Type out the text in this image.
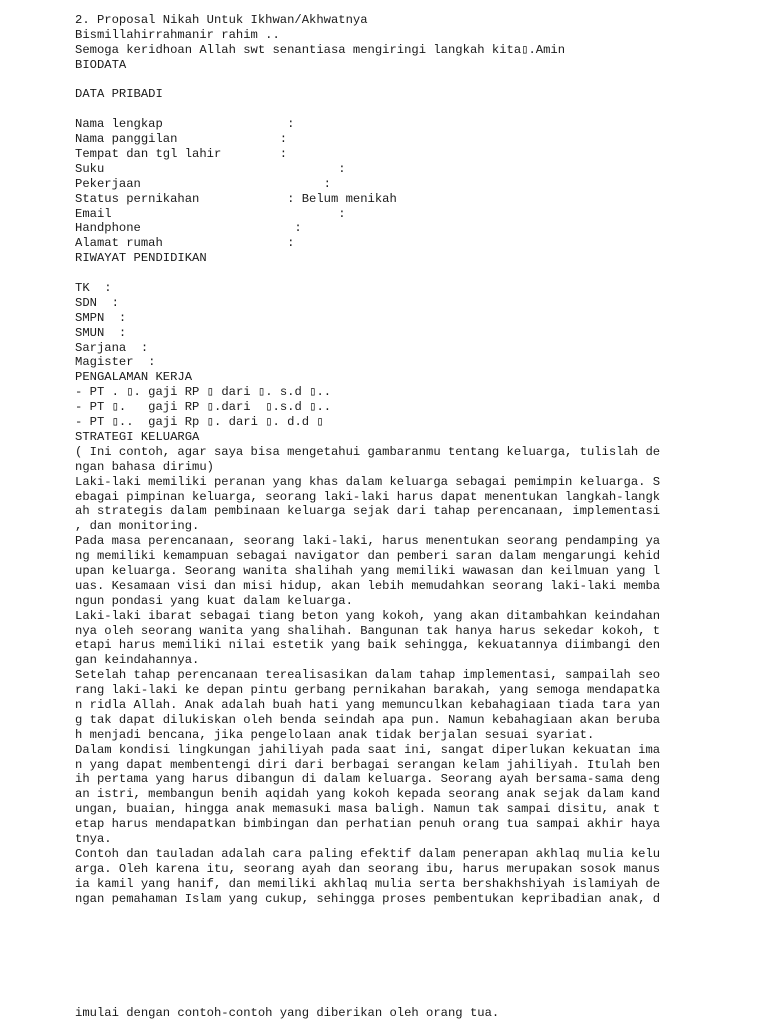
2. Proposal Nikah Untuk Ikhwan/Akhwatnya
Bismillahirrahmanir rahim ..
Semoga keridhoan Allah swt senantiasa mengiringi langkah kita▯.Amin
BIODATA
DATA PRIBADI
Nama lengkap                 :
Nama panggilan              :
Tempat dan tgl lahir        :
Suku                                :
Pekerjaan                         :
Status pernikahan            : Belum menikah
Email                               :
Handphone                     :
Alamat rumah                 :
RIWAYAT PENDIDIKAN
TK  :
SDN  :
SMPN  :
SMUN  :
Sarjana  :
Magister  :
PENGALAMAN KERJA
- PT . ▯. gaji RP ▯ dari ▯. s.d ▯..
- PT ▯.   gaji RP ▯.dari  ▯.s.d ▯..
- PT ▯..  gaji Rp ▯. dari ▯. d.d ▯
STRATEGI KELUARGA
( Ini contoh, agar saya bisa mengetahui gambaranmu tentang keluarga, tulislah de
ngan bahasa dirimu)
Laki-laki memiliki peranan yang khas dalam keluarga sebagai pemimpin keluarga. S
ebagai pimpinan keluarga, seorang laki-laki harus dapat menentukan langkah-langk
ah strategis dalam pembinaan keluarga sejak dari tahap perencanaan, implementasi
, dan monitoring.
Pada masa perencanaan, seorang laki-laki, harus menentukan seorang pendamping ya
ng memiliki kemampuan sebagai navigator dan pemberi saran dalam mengarungi kehid
upan keluarga. Seorang wanita shalihah yang memiliki wawasan dan keilmuan yang l
uas. Kesamaan visi dan misi hidup, akan lebih memudahkan seorang laki-laki memba
ngun pondasi yang kuat dalam keluarga.
Laki-laki ibarat sebagai tiang beton yang kokoh, yang akan ditambahkan keindahan
nya oleh seorang wanita yang shalihah. Bangunan tak hanya harus sekedar kokoh, t
etapi harus memiliki nilai estetik yang baik sehingga, kekuatannya diimbangi den
gan keindahannya.
Setelah tahap perencanaan terealisasikan dalam tahap implementasi, sampailah seo
rang laki-laki ke depan pintu gerbang pernikahan barakah, yang semoga mendapatka
n ridla Allah. Anak adalah buah hati yang memunculkan kebahagiaan tiada tara yan
g tak dapat dilukiskan oleh benda seindah apa pun. Namun kebahagiaan akan beruba
h menjadi bencana, jika pengelolaan anak tidak berjalan sesuai syariat.
Dalam kondisi lingkungan jahiliyah pada saat ini, sangat diperlukan kekuatan ima
n yang dapat membentengi diri dari berbagai serangan kelam jahiliyah. Itulah ben
ih pertama yang harus dibangun di dalam keluarga. Seorang ayah bersama-sama deng
an istri, membangun benih aqidah yang kokoh kepada seorang anak sejak dalam kand
ungan, buaian, hingga anak memasuki masa baligh. Namun tak sampai disitu, anak t
etap harus mendapatkan bimbingan dan perhatian penuh orang tua sampai akhir haya
tnya.
Contoh dan tauladan adalah cara paling efektif dalam penerapan akhlaq mulia kelu
arga. Oleh karena itu, seorang ayah dan seorang ibu, harus merupakan sosok manus
ia kamil yang hanif, dan memiliki akhlaq mulia serta bershakhshiyah islamiyah de
ngan pemahaman Islam yang cukup, sehingga proses pembentukan kepribadian anak, d
imulai dengan contoh-contoh yang diberikan oleh orang tua.
